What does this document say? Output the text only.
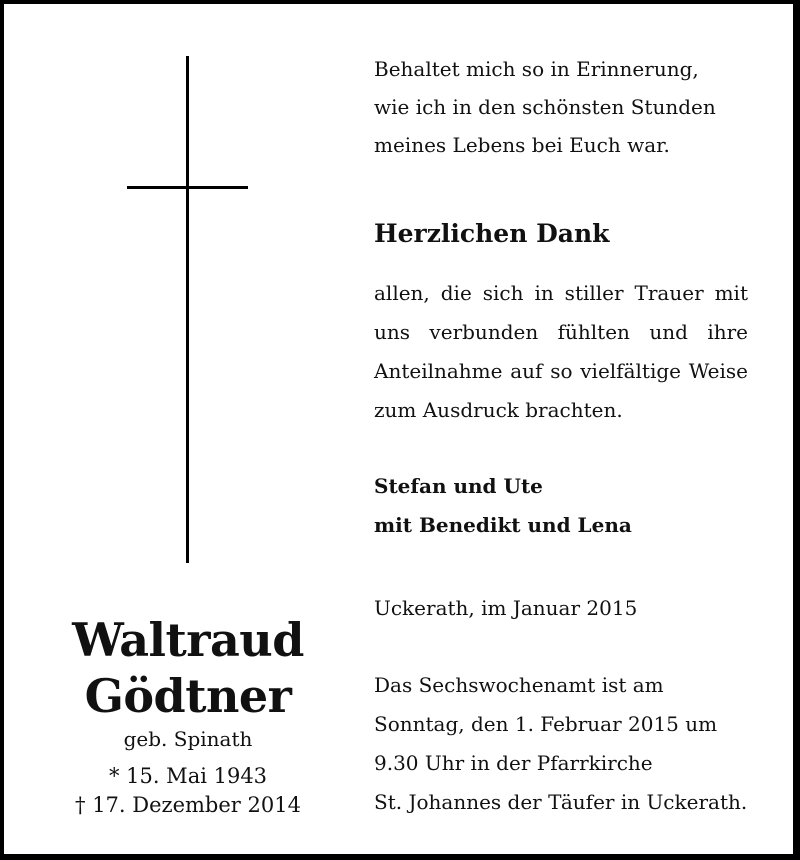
Waltraud
Gödtner
geb. Spinath
* 15. Mai 1943
† 17. Dezember 2014
Behaltet mich so in Erinnerung,
wie ich in den schönsten Stunden
meines Lebens bei Euch war.
Herzlichen Dank
allen, die sich in stiller Trauer mit
uns verbunden fühlten und ihre
Anteilnahme auf so vielfältige Weise
zum Ausdruck brachten.
Stefan und Ute
mit Benedikt und Lena
Uckerath, im Januar 2015
Das Sechswochenamt ist am
Sonntag, den 1. Februar 2015 um
9.30 Uhr in der Pfarrkirche
St. Johannes der Täufer in Uckerath.
